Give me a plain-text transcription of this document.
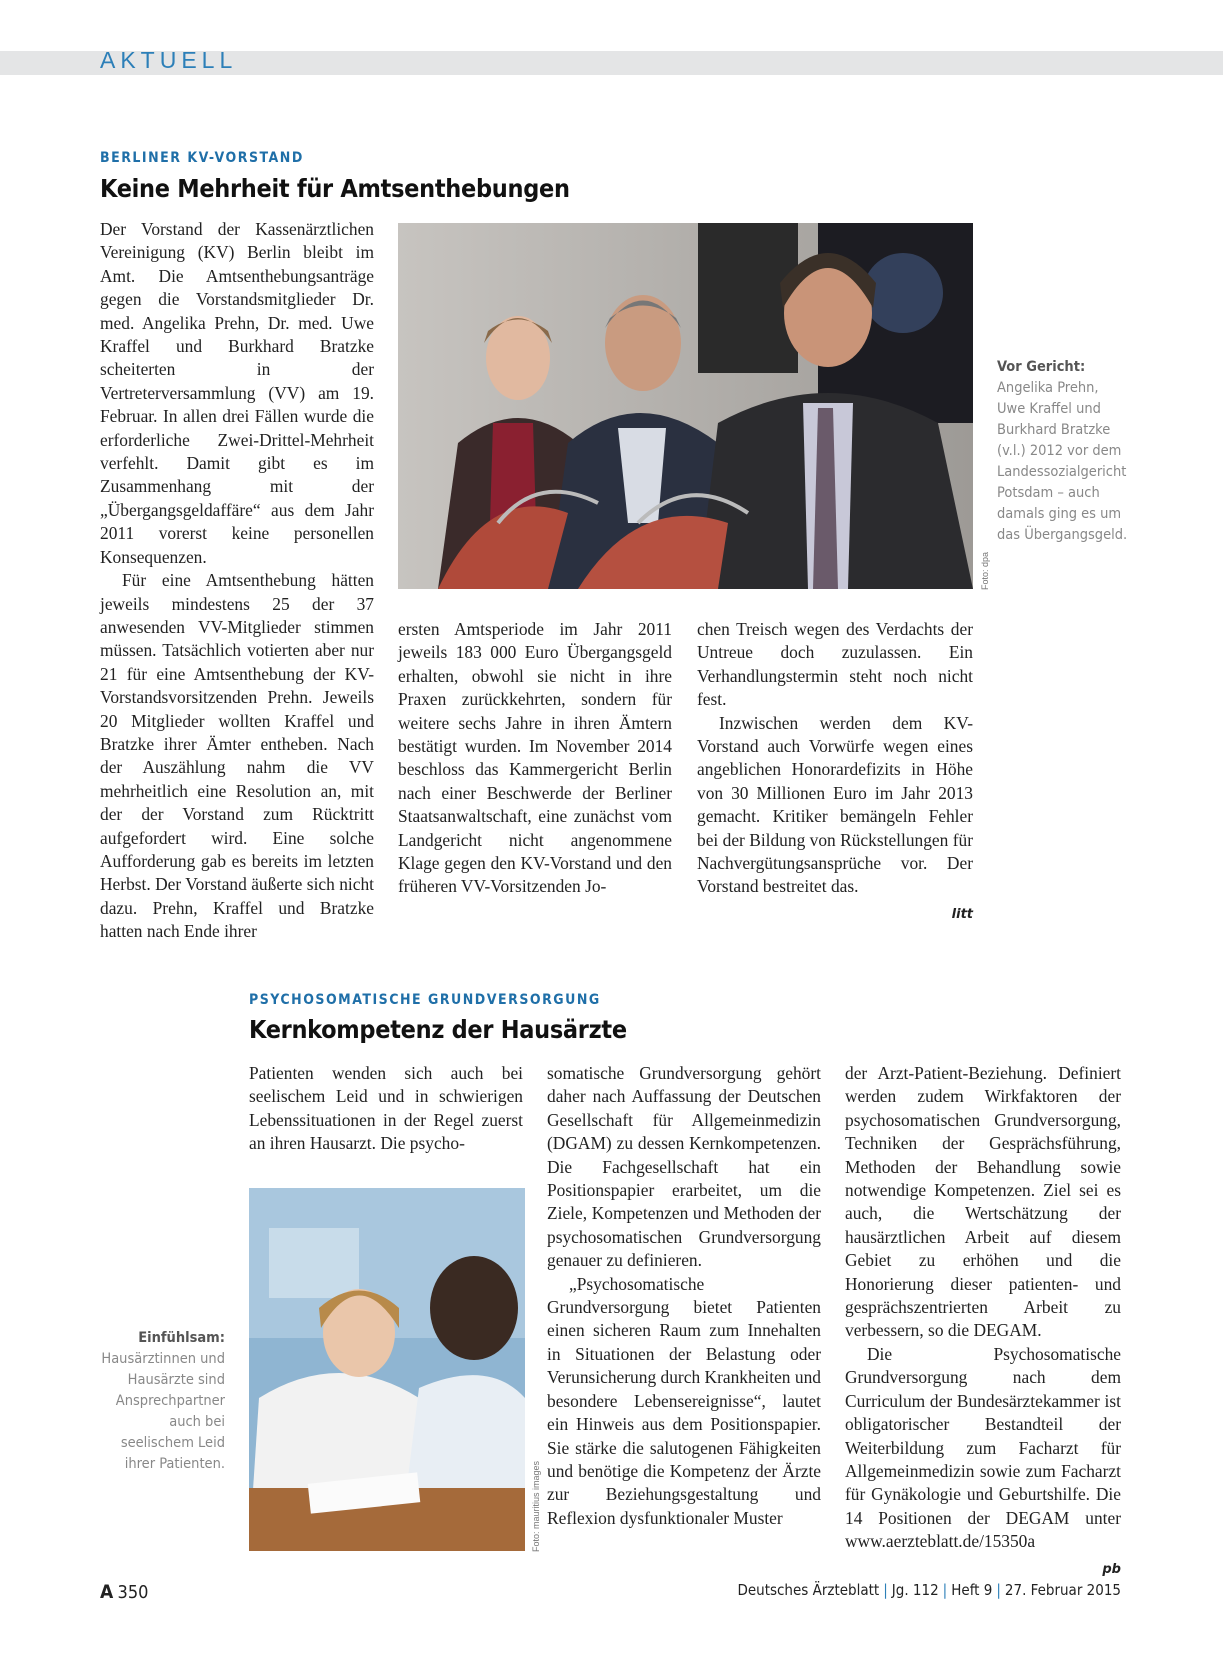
AKTUELL
BERLINER KV-VORSTAND
Keine Mehrheit für Amtsenthebungen

Der Vorstand der Kassenärztlichen Vereinigung (KV) Berlin bleibt im Amt. Die Amtsenthebungsanträge gegen die Vorstandsmitglieder Dr. med. Angelika Prehn, Dr. med. Uwe Kraffel und Burkhard Bratzke scheiterten in der Vertreterversammlung (VV) am 19. Februar. In allen drei Fällen wurde die erforderliche Zwei-Drittel-Mehrheit verfehlt. Damit gibt es im Zusammenhang mit der „Übergangsgeldaffäre“ aus dem Jahr 2011 vorerst keine personellen Konsequenzen.

Für eine Amtsenthebung hätten jeweils mindestens 25 der 37 anwesenden VV-Mitglieder stimmen müssen. Tatsächlich votierten aber nur 21 für eine Amtsenthebung der KV-Vorstandsvorsitzenden Prehn. Jeweils 20 Mitglieder wollten Kraffel und Bratzke ihrer Ämter entheben. Nach der Auszählung nahm die VV mehrheitlich eine Resolution an, mit der der Vorstand zum Rücktritt aufgefordert wird. Eine solche Aufforderung gab es bereits im letzten Herbst. Der Vorstand äußerte sich nicht dazu. Prehn, Kraffel und Bratzke hatten nach Ende ihrer

Foto: dpa
Vor Gericht: Angelika Prehn, Uwe Kraffel und Burkhard Bratzke (v.l.) 2012 vor dem Landessozialgericht Potsdam – auch damals ging es um das Übergangsgeld.

ersten Amtsperiode im Jahr 2011 jeweils 183 000 Euro Übergangsgeld erhalten, obwohl sie nicht in ihre Praxen zurückkehrten, sondern für weitere sechs Jahre in ihren Ämtern bestätigt wurden. Im November 2014 beschloss das Kammergericht Berlin nach einer Beschwerde der Berliner Staatsanwaltschaft, eine zunächst vom Landgericht nicht angenommene Klage gegen den KV-Vorstand und den früheren VV-Vorsitzenden Jo-

chen Treisch wegen des Verdachts der Untreue doch zuzulassen. Ein Verhandlungstermin steht noch nicht fest.

Inzwischen werden dem KV-Vorstand auch Vorwürfe wegen eines angeblichen Honorardefizits in Höhe von 30 Millionen Euro im Jahr 2013 gemacht. Kritiker bemängeln Fehler bei der Bildung von Rückstellungen für Nachvergütungsansprüche vor. Der Vorstand bestreitet das.

litt
PSYCHOSOMATISCHE GRUNDVERSORGUNG
Kernkompetenz der Hausärzte

Patienten wenden sich auch bei seelischem Leid und in schwierigen Lebenssituationen in der Regel zuerst an ihren Hausarzt. Die psycho-

Foto: mauritius images
Einfühlsam: Hausärztinnen und Hausärzte sind Ansprechpartner auch bei seelischem Leid ihrer Patienten.

somatische Grundversorgung gehört daher nach Auffassung der Deutschen Gesellschaft für Allgemeinmedizin (DGAM) zu dessen Kernkompetenzen. Die Fachgesellschaft hat ein Positionspapier erarbeitet, um die Ziele, Kompetenzen und Methoden der psychosomatischen Grundversorgung genauer zu definieren.

„Psychosomatische Grundversorgung bietet Patienten einen sicheren Raum zum Innehalten in Situationen der Belastung oder Verunsicherung durch Krankheiten und besondere Lebensereignisse“, lautet ein Hinweis aus dem Positionspapier. Sie stärke die salutogenen Fähigkeiten und benötige die Kompetenz der Ärzte zur Beziehungsgestaltung und Reflexion dysfunktionaler Muster

der Arzt-Patient-Beziehung. Definiert werden zudem Wirkfaktoren der psychosomatischen Grundversorgung, Techniken der Gesprächsführung, Methoden der Behandlung sowie notwendige Kompetenzen. Ziel sei es auch, die Wertschätzung der hausärztlichen Arbeit auf diesem Gebiet zu erhöhen und die Honorierung dieser patienten- und gesprächszentrierten Arbeit zu verbessern, so die DEGAM.

Die Psychosomatische Grundversorgung nach dem Curriculum der Bundesärztekammer ist obligatorischer Bestandteil der Weiterbildung zum Facharzt für Allgemeinmedizin sowie zum Facharzt für Gynäkologie und Geburtshilfe. Die 14 Positionen der DEGAM unter www.aerzteblatt.de/15350a

pb
A 350	Deutsches Ärzteblatt | Jg. 112 | Heft 9 | 27. Februar 2015
